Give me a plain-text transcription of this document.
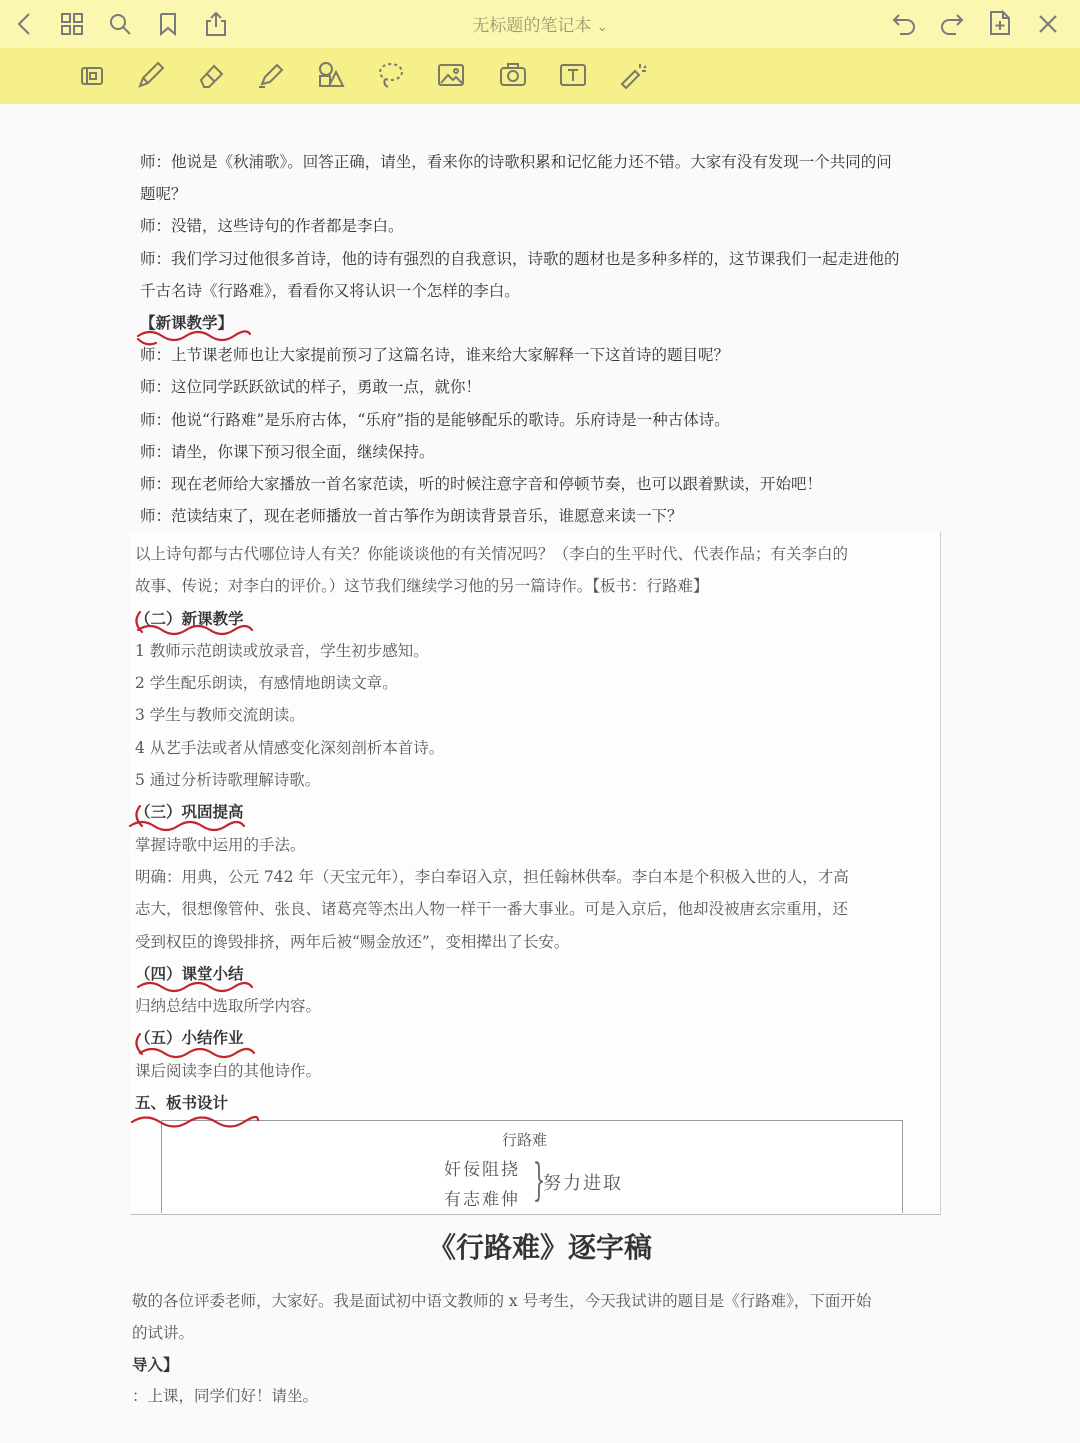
无标题的笔记本 ⌄
师：他说是《秋浦歌》。回答正确，请坐，看来你的诗歌积累和记忆能力还不错。大家有没有发现一个共同的问
题呢？
师：没错，这些诗句的作者都是李白。
师：我们学习过他很多首诗，他的诗有强烈的自我意识，诗歌的题材也是多种多样的，这节课我们一起走进他的
千古名诗《行路难》，看看你又将认识一个怎样的李白。
【新课教学】
师：上节课老师也让大家提前预习了这篇名诗，谁来给大家解释一下这首诗的题目呢？
师：这位同学跃跃欲试的样子，勇敢一点，就你！
师：他说“行路难”是乐府古体，“乐府”指的是能够配乐的歌诗。乐府诗是一种古体诗。
师：请坐，你课下预习很全面，继续保持。
师：现在老师给大家播放一首名家范读，听的时候注意字音和停顿节奏，也可以跟着默读，开始吧！
师：范读结束了，现在老师播放一首古筝作为朗读背景音乐，谁愿意来读一下？
以上诗句都与古代哪位诗人有关？你能谈谈他的有关情况吗？（李白的生平时代、代表作品；有关李白的
故事、传说；对李白的评价。）这节我们继续学习他的另一篇诗作。【板书：行路难】
（二）新课教学
1 教师示范朗读或放录音，学生初步感知。
2 学生配乐朗读，有感情地朗读文章。
3 学生与教师交流朗读。
4 从艺手法或者从情感变化深刻剖析本首诗。
5 通过分析诗歌理解诗歌。
（三）巩固提高
掌握诗歌中运用的手法。
明确：用典，公元 742 年（天宝元年），李白奉诏入京，担任翰林供奉。李白本是个积极入世的人，才高
志大，很想像管仲、张良、诸葛亮等杰出人物一样干一番大事业。可是入京后，他却没被唐玄宗重用，还
受到权臣的谗毁排挤，两年后被“赐金放还”，变相撵出了长安。
（四）课堂小结
归纳总结中选取所学内容。
（五）小结作业
课后阅读李白的其他诗作。
五、板书设计
行路难
奸佞阻挠
有志难伸 }
努力进取
《行路难》逐字稿
敬的各位评委老师，大家好。我是面试初中语文教师的 x 号考生，今天我试讲的题目是《行路难》，下面开始
的试讲。
导入】
：上课，同学们好！请坐。
